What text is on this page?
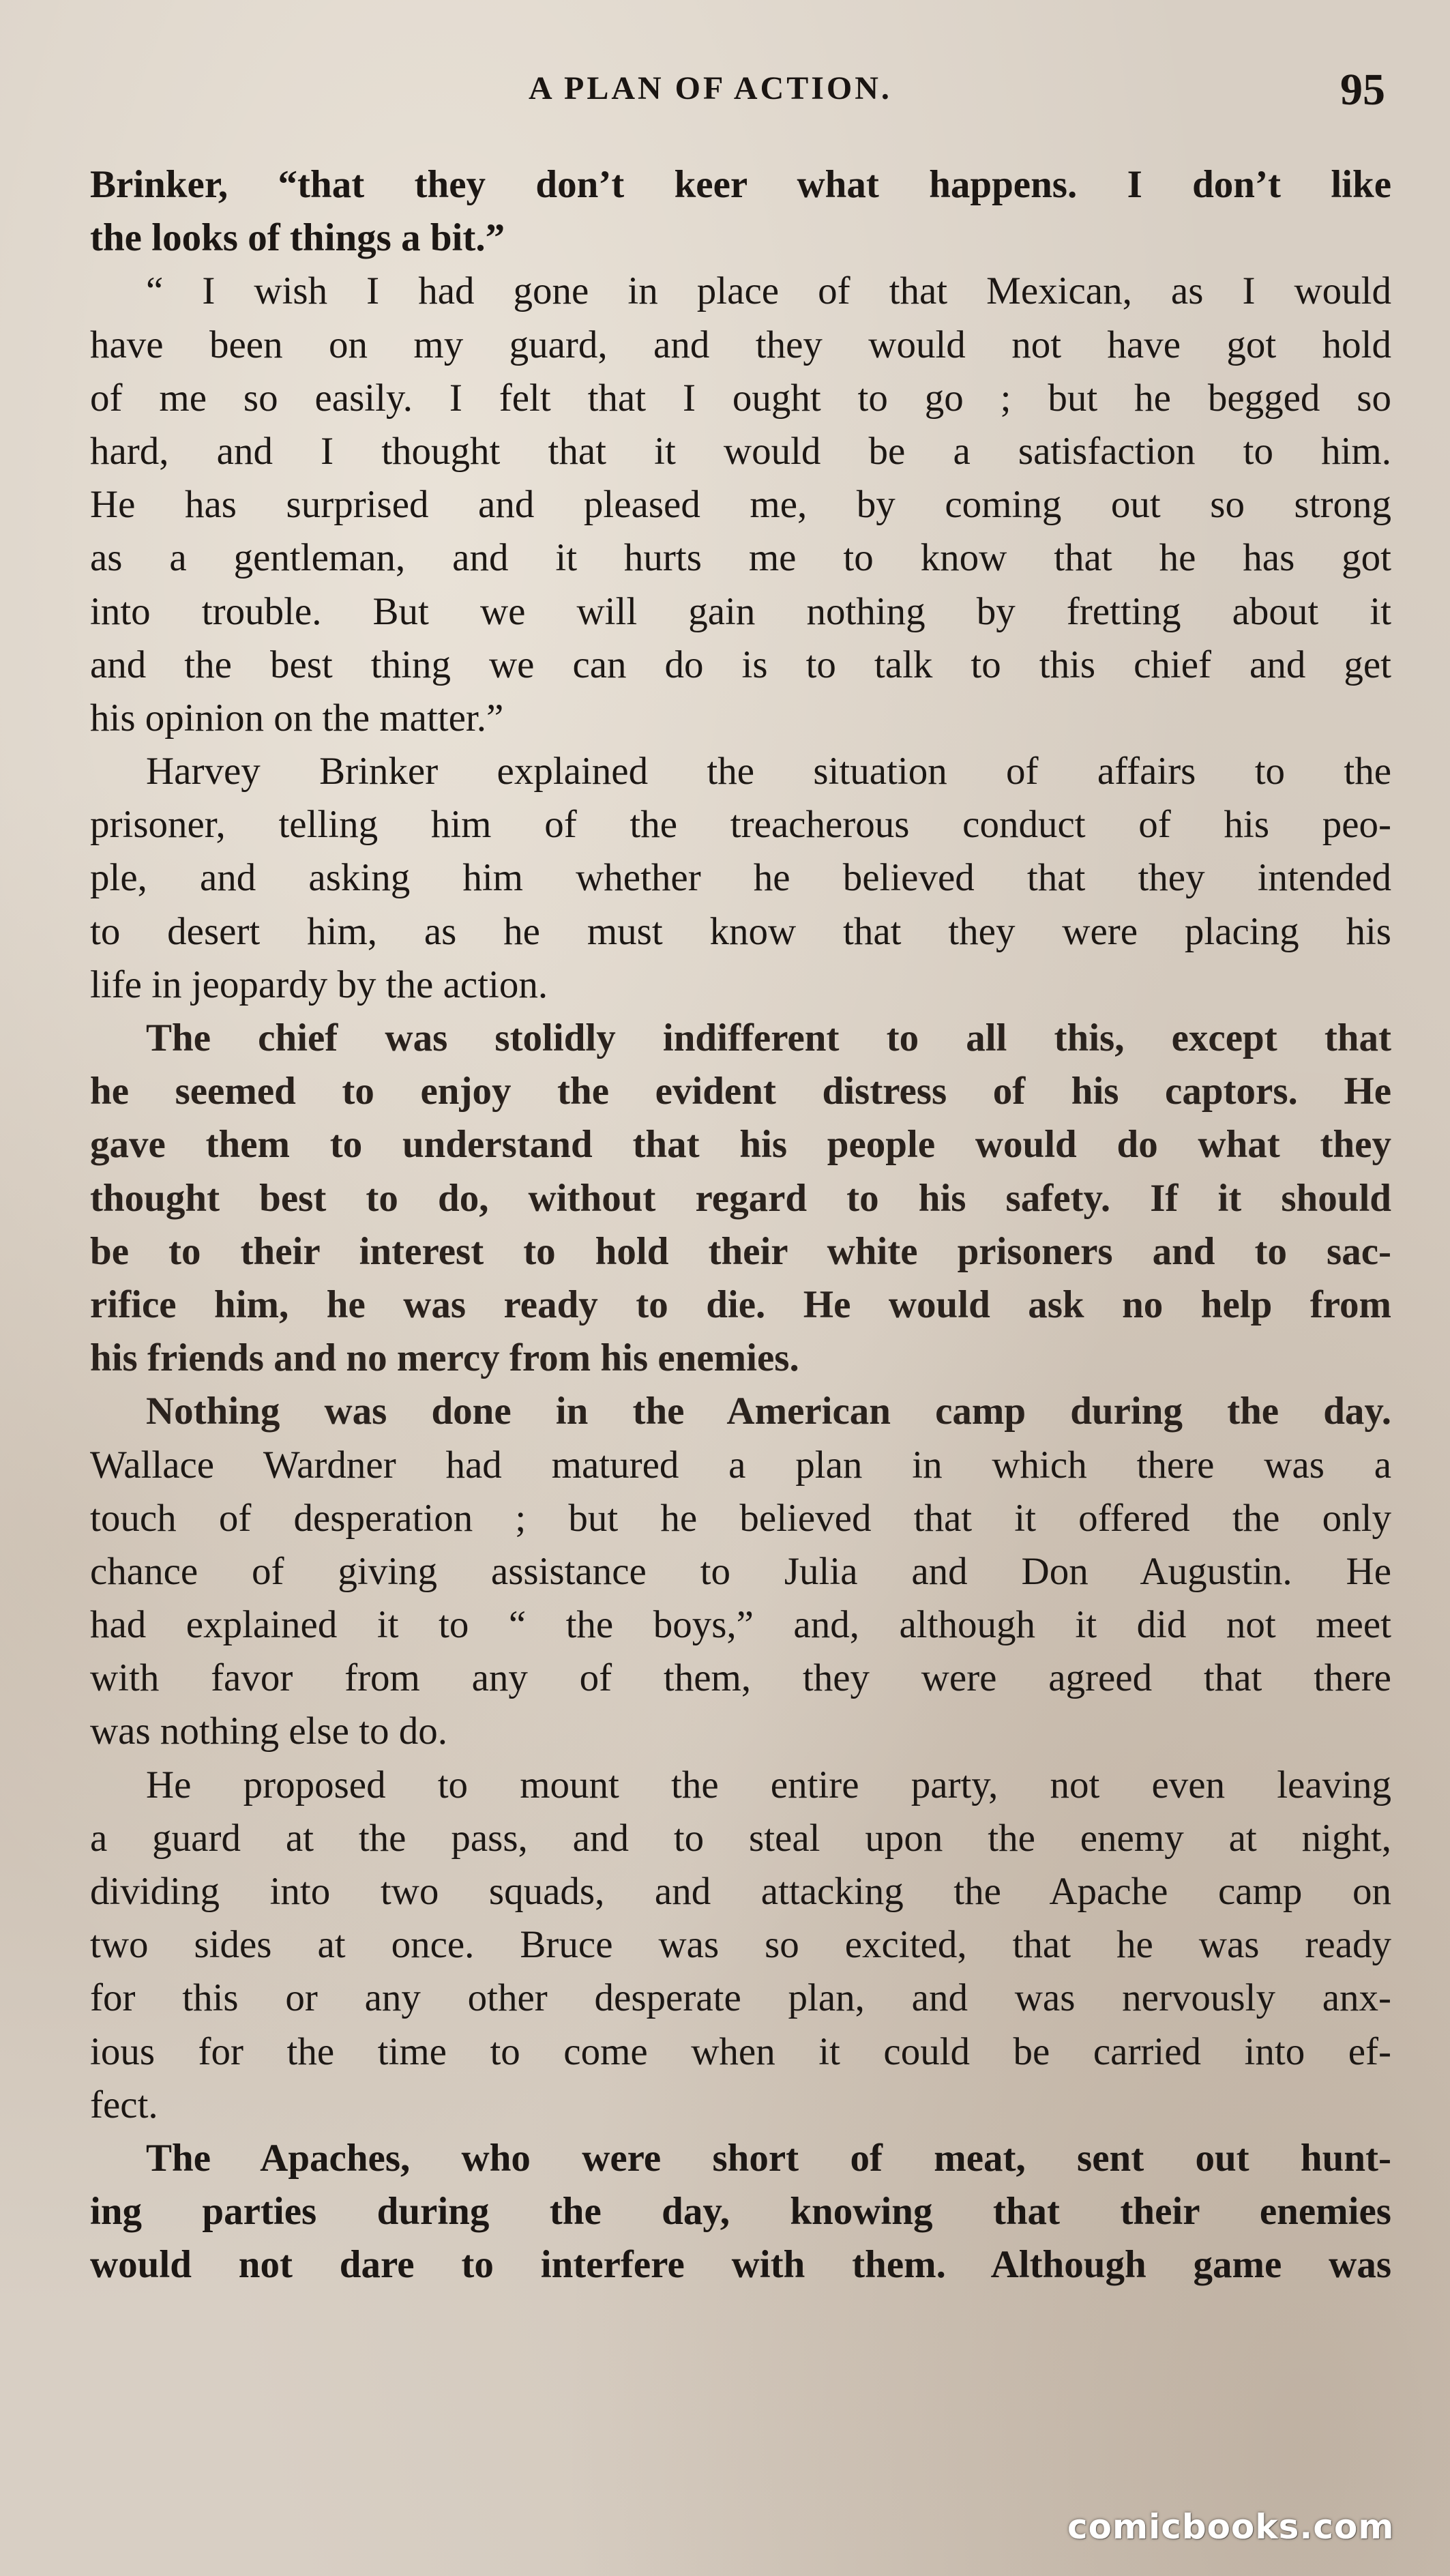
A PLAN OF ACTION.	95
Brinker, “that they don’t keer what happens. I don’t like
the looks of things a bit.”
“ I wish I had gone in place of that Mexican, as I would
have been on my guard, and they would not have got hold
of me so easily. I felt that I ought to go ; but he begged so
hard, and I thought that it would be a satisfaction to him.
He has surprised and pleased me, by coming out so strong
as a gentleman, and it hurts me to know that he has got
into trouble. But we will gain nothing by fretting about it
and the best thing we can do is to talk to this chief and get
his opinion on the matter.”
Harvey Brinker explained the situation of affairs to the
prisoner, telling him of the treacherous conduct of his peo-
ple, and asking him whether he believed that they intended
to desert him, as he must know that they were placing his
life in jeopardy by the action.
The chief was stolidly indifferent to all this, except that
he seemed to enjoy the evident distress of his captors. He
gave them to understand that his people would do what they
thought best to do, without regard to his safety. If it should
be to their interest to hold their white prisoners and to sac-
rifice him, he was ready to die. He would ask no help from
his friends and no mercy from his enemies.
Nothing was done in the American camp during the day.
Wallace Wardner had matured a plan in which there was a
touch of desperation ; but he believed that it offered the only
chance of giving assistance to Julia and Don Augustin. He
had explained it to “ the boys,” and, although it did not meet
with favor from any of them, they were agreed that there
was nothing else to do.
He proposed to mount the entire party, not even leaving
a guard at the pass, and to steal upon the enemy at night,
dividing into two squads, and attacking the Apache camp on
two sides at once. Bruce was so excited, that he was ready
for this or any other desperate plan, and was nervously anx-
ious for the time to come when it could be carried into ef-
fect.
The Apaches, who were short of meat, sent out hunt-
ing parties during the day, knowing that their enemies
would not dare to interfere with them. Although game was
comicbooks.com
